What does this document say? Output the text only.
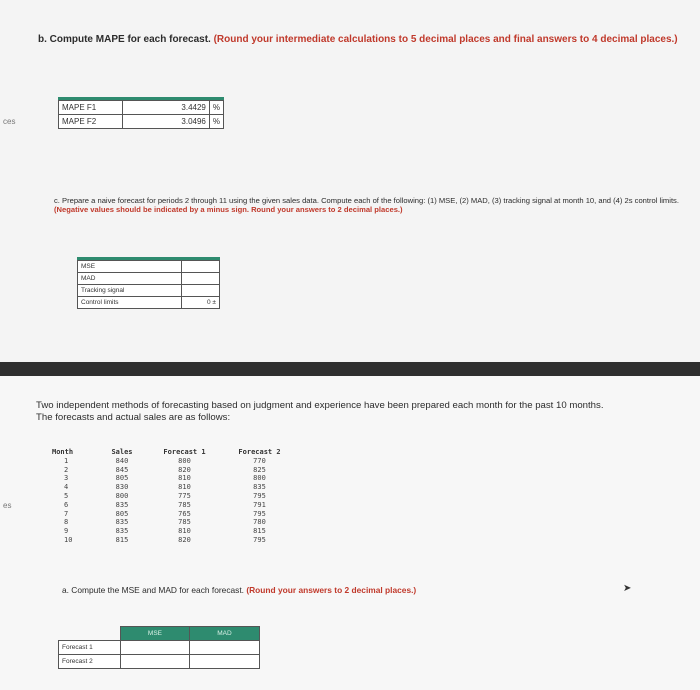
ces
b. Compute MAPE for each forecast. (Round your intermediate calculations to 5 decimal places and final answers to 4 decimal places.)
MAPE F1	3.4429	%
MAPE F2	3.0496	%
c. Prepare a naive forecast for periods 2 through 11 using the given sales data. Compute each of the following: (1) MSE, (2) MAD, (3) tracking signal at month 10, and (4) 2s control limits. (Negative values should be indicated by a minus sign. Round your answers to 2 decimal places.)
MSE	
MAD	
Tracking signal	
Control limits	0 ±
es
Two independent methods of forecasting based on judgment and experience have been prepared each month for the past 10 months.
The forecasts and actual sales are as follows:
Month	Sales	Forecast 1	Forecast 2
1	840	800	770
2	845	820	825
3	805	810	800
4	830	810	835
5	800	775	795
6	835	785	791
7	805	765	795
8	835	785	780
9	835	810	815
10	815	820	795
a. Compute the MSE and MAD for each forecast. (Round your answers to 2 decimal places.)	➤
	MSE	MAD
Forecast 1		
Forecast 2		
